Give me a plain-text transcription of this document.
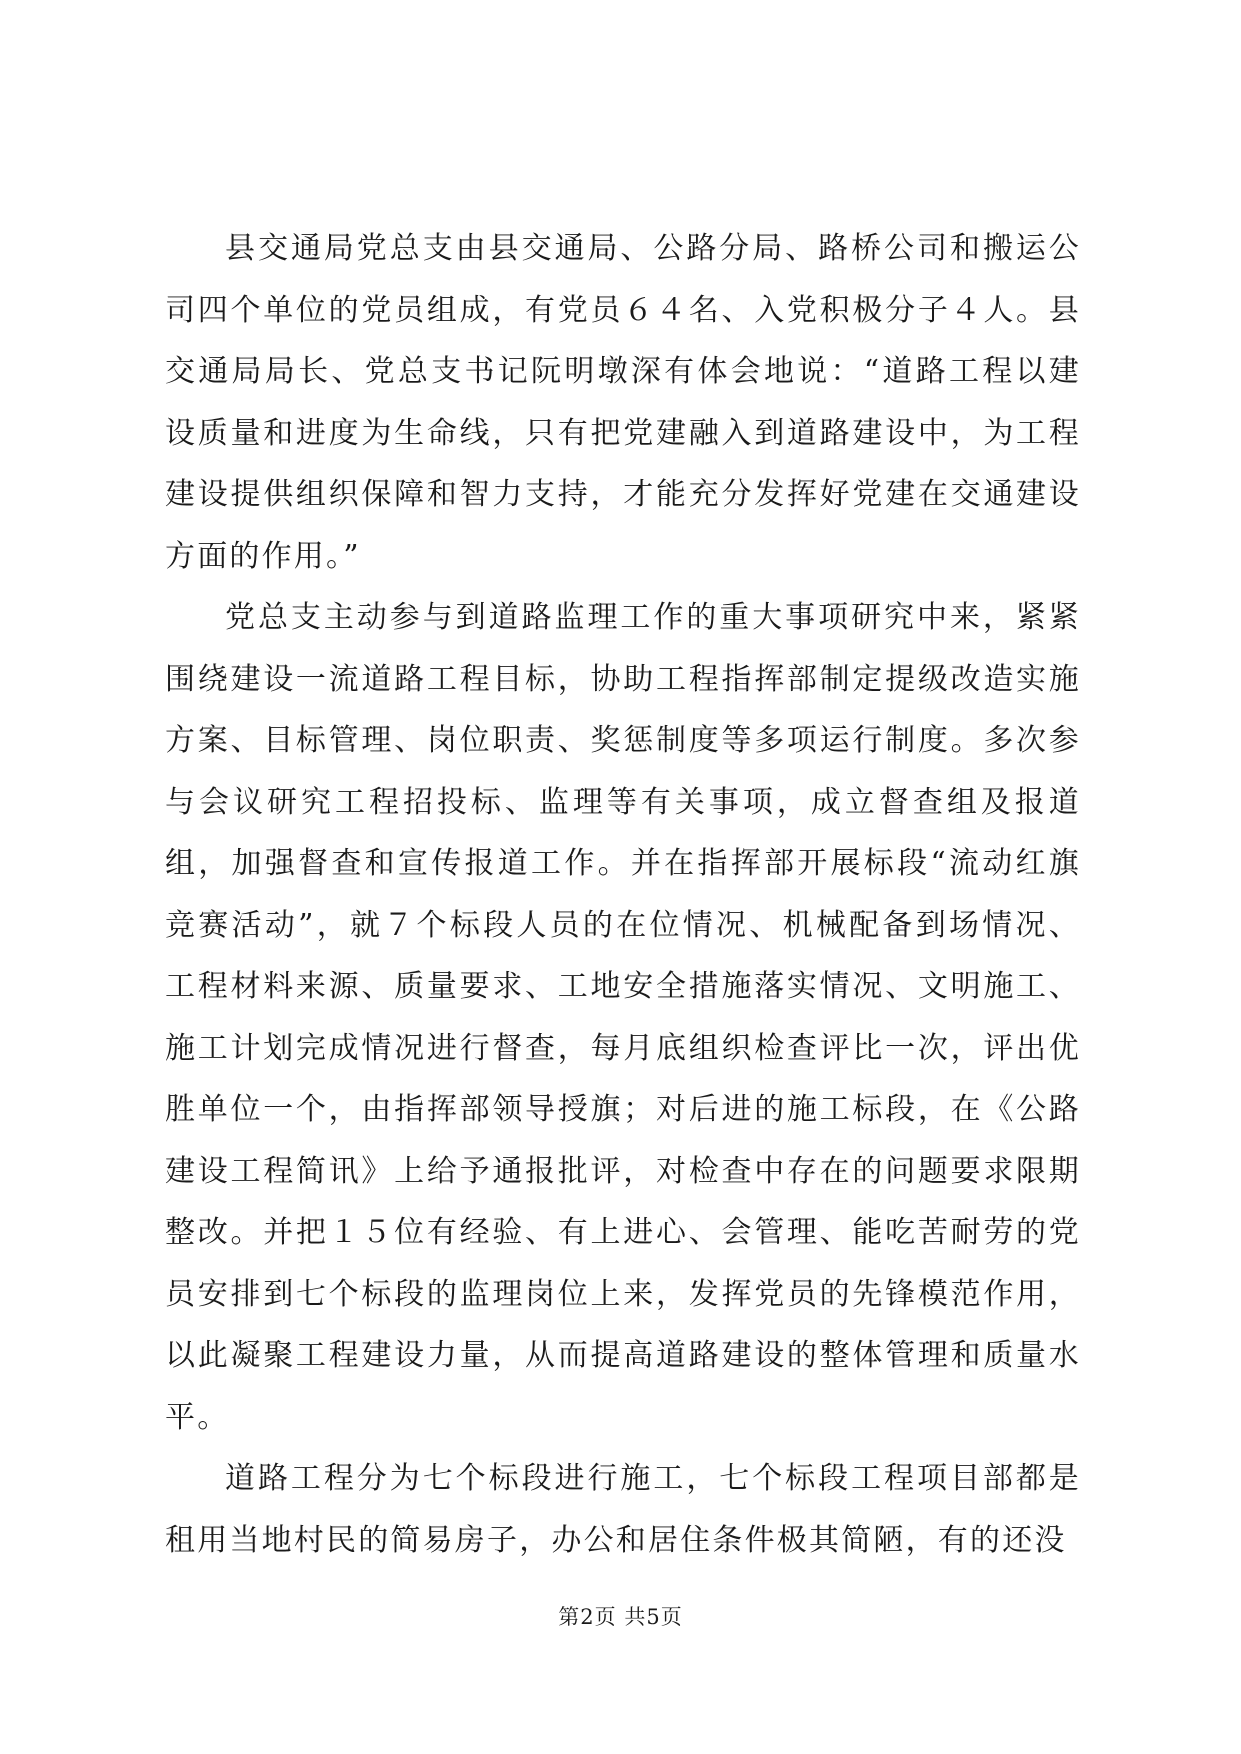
县交通局党总支由县交通局、公路分局、路桥公司和搬运公司四个单位的党员组成，有党员６４名、入党积极分子４人。县交通局局长、党总支书记阮明墩深有体会地说：“道路工程以建设质量和进度为生命线，只有把党建融入到道路建设中，为工程建设提供组织保障和智力支持，才能充分发挥好党建在交通建设方面的作用。”

党总支主动参与到道路监理工作的重大事项研究中来，紧紧围绕建设一流道路工程目标，协助工程指挥部制定提级改造实施方案、目标管理、岗位职责、奖惩制度等多项运行制度。多次参与会议研究工程招投标、监理等有关事项，成立督查组及报道组，加强督查和宣传报道工作。并在指挥部开展标段“流动红旗竞赛活动”，就７个标段人员的在位情况、机械配备到场情况、工程材料来源、质量要求、工地安全措施落实情况、文明施工、施工计划完成情况进行督查，每月底组织检查评比一次，评出优胜单位一个，由指挥部领导授旗；对后进的施工标段，在《公路建设工程简讯》上给予通报批评，对检查中存在的问题要求限期整改。并把１５位有经验、有上进心、会管理、能吃苦耐劳的党员安排到七个标段的监理岗位上来，发挥党员的先锋模范作用，以此凝聚工程建设力量，从而提高道路建设的整体管理和质量水平。

道路工程分为七个标段进行施工，七个标段工程项目部都是租用当地村民的简易房子，办公和居住条件极其简陋，有的还没

第2页 共5页
